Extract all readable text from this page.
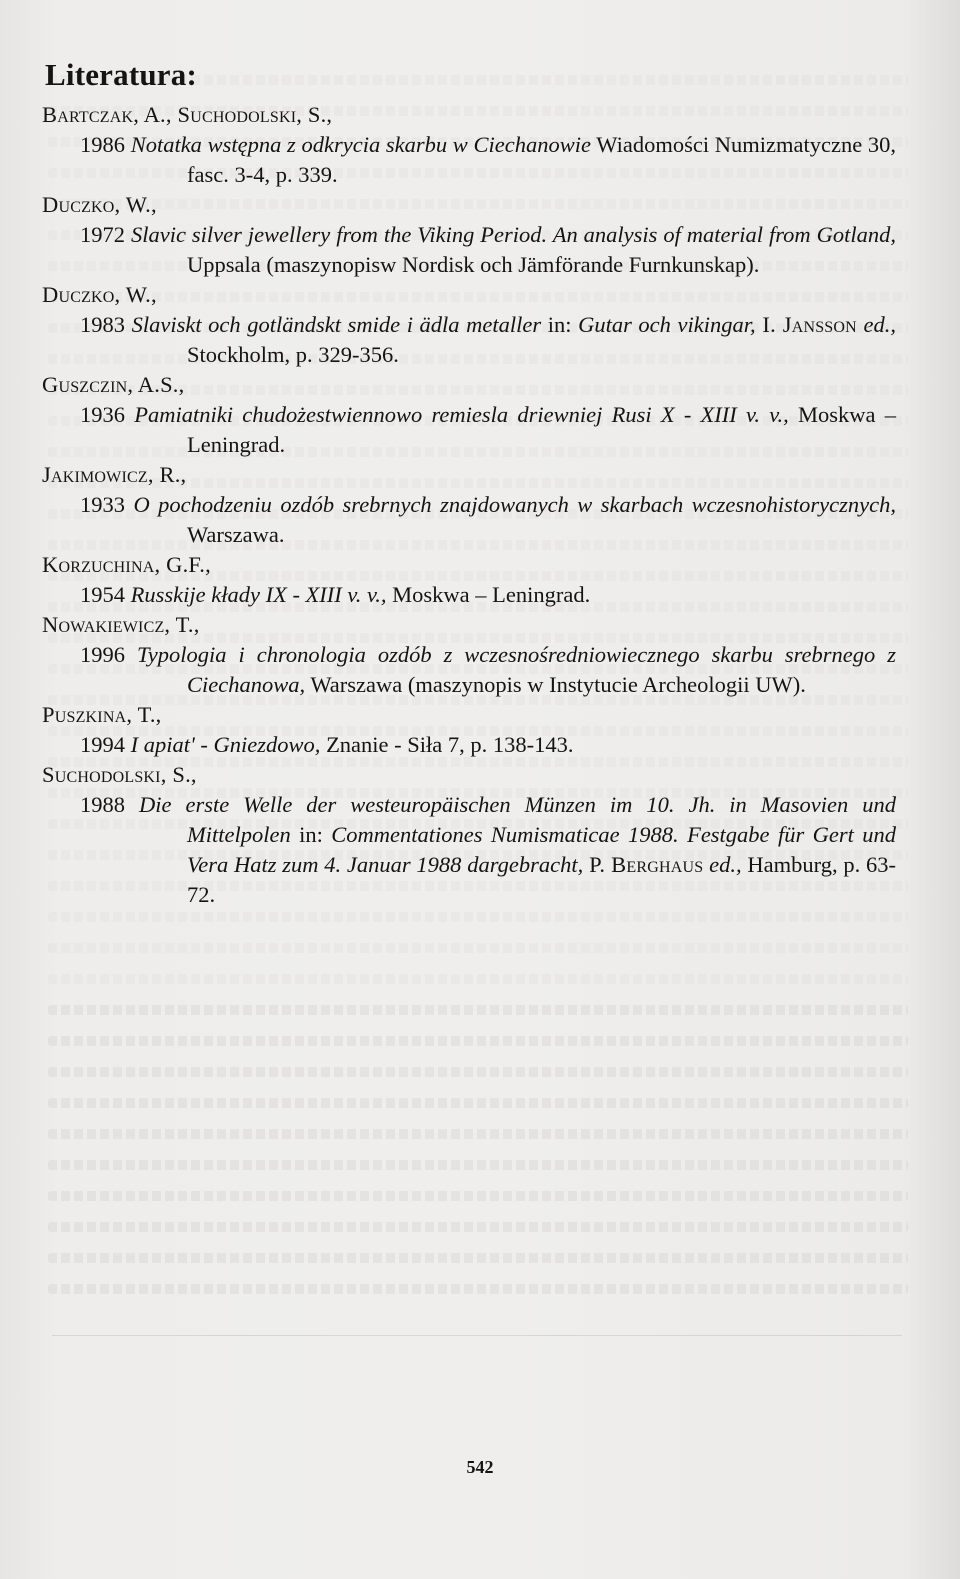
Literatura:
Bartczak, A., Suchodolski, S.,
1986 Notatka wstępna z odkrycia skarbu w Ciechanowie Wiadomości Numizmatyczne 30, fasc. 3-4, p. 339.
Duczko, W.,
1972 Slavic silver jewellery from the Viking Period. An analysis of material from Gotland, Uppsala (maszynopisw Nordisk och Jämförande Furnkunskap).
Duczko, W.,
1983 Slaviskt och gotländskt smide i ädla metaller in: Gutar och vikingar, I. Jansson ed., Stockholm, p. 329-356.
Guszczin, A.S.,
1936 Pamiatniki chudożestwiennowo remiesla driewniej Rusi X - XIII v. v., Moskwa – Leningrad.
Jakimowicz, R.,
1933 O pochodzeniu ozdób srebrnych znajdowanych w skarbach wczesnohistorycznych, Warszawa.
Korzuchina, G.F.,
1954 Russkije kłady IX - XIII v. v., Moskwa – Leningrad.
Nowakiewicz, T.,
1996 Typologia i chronologia ozdób z wczesnośredniowiecznego skarbu srebrnego z Ciechanowa, Warszawa (maszynopis w Instytucie Archeologii UW).
Puszkina, T.,
1994 I apiat' - Gniezdowo, Znanie - Siła 7, p. 138-143.
Suchodolski, S.,
1988 Die erste Welle der westeuropäischen Münzen im 10. Jh. in Masovien und Mittelpolen in: Commentationes Numismaticae 1988. Festgabe für Gert und Vera Hatz zum 4. Januar 1988 dargebracht, P. Berghaus ed., Hamburg, p. 63-72.
542
